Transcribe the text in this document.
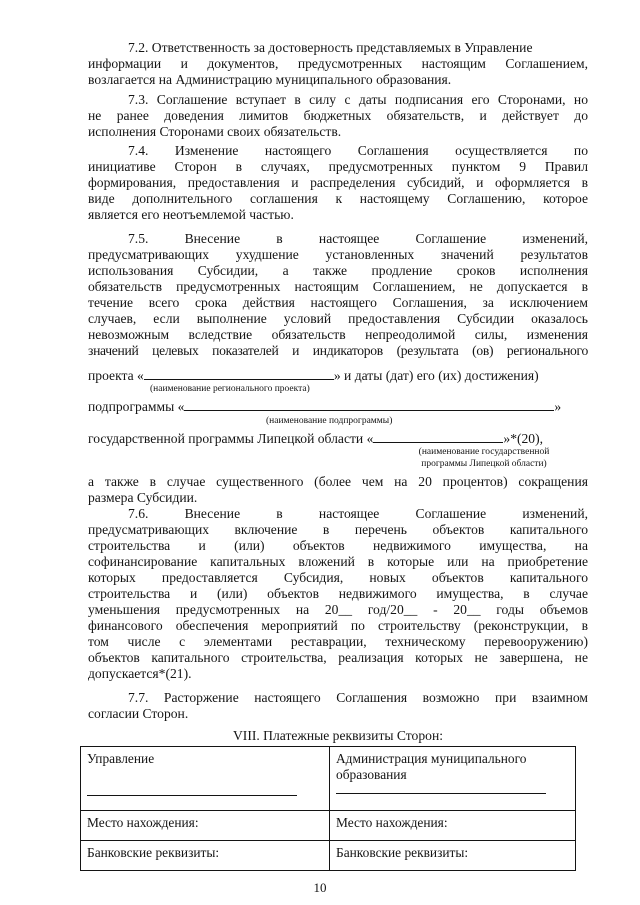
7.2. Ответственность за достоверность представляемых в Управление
информации и документов, предусмотренных настоящим Соглашением,
возлагается на Администрацию муниципального образования.
7.3. Соглашение вступает в силу с даты подписания его Сторонами, но
не ранее доведения лимитов бюджетных обязательств, и действует до
исполнения Сторонами своих обязательств.
7.4. Изменение настоящего Соглашения осуществляется по
инициативе Сторон в случаях, предусмотренных пунктом 9 Правил
формирования, предоставления и распределения субсидий, и оформляется в
виде дополнительного соглашения к настоящему Соглашению, которое
является его неотъемлемой частью.
7.5. Внесение в настоящее Соглашение изменений,
предусматривающих ухудшение установленных значений результатов
использования Субсидии, а также продление сроков исполнения
обязательств предусмотренных настоящим Соглашением, не допускается в
течение всего срока действия настоящего Соглашения, за исключением
случаев, если выполнение условий предоставления Субсидии оказалось
невозможным вследствие обязательств непреодолимой силы, изменения
значений целевых показателей и индикаторов (результата (ов) регионального
проекта «	» и даты (дат) его (их) достижения)
(наименование регионального проекта)
подпрограммы «	»
(наименование подпрограммы)
государственной программы Липецкой области «	»*(20),
(наименование государственной
программы Липецкой области)
а также в случае существенного (более чем на 20 процентов) сокращения
размера Субсидии.
7.6. Внесение в настоящее Соглашение изменений,
предусматривающих включение в перечень объектов капитального
строительства и (или) объектов недвижимого имущества, на
софинансирование капитальных вложений в которые или на приобретение
которых предоставляется Субсидия, новых объектов капитального
строительства и (или) объектов недвижимого имущества, в случае
уменьшения предусмотренных на 20__ год/20__ - 20__ годы объемов
финансового обеспечения мероприятий по строительству (реконструкции, в
том числе с элементами реставрации, техническому перевооружению)
объектов капитального строительства, реализация которых не завершена, не
допускается*(21).
7.7. Расторжение настоящего Соглашения возможно при взаимном
согласии Сторон.
VIII. Платежные реквизиты Сторон:
Управление	Администрация муниципального
образования

Место нахождения:	Место нахождения:
Банковские реквизиты:	Банковские реквизиты:
10
